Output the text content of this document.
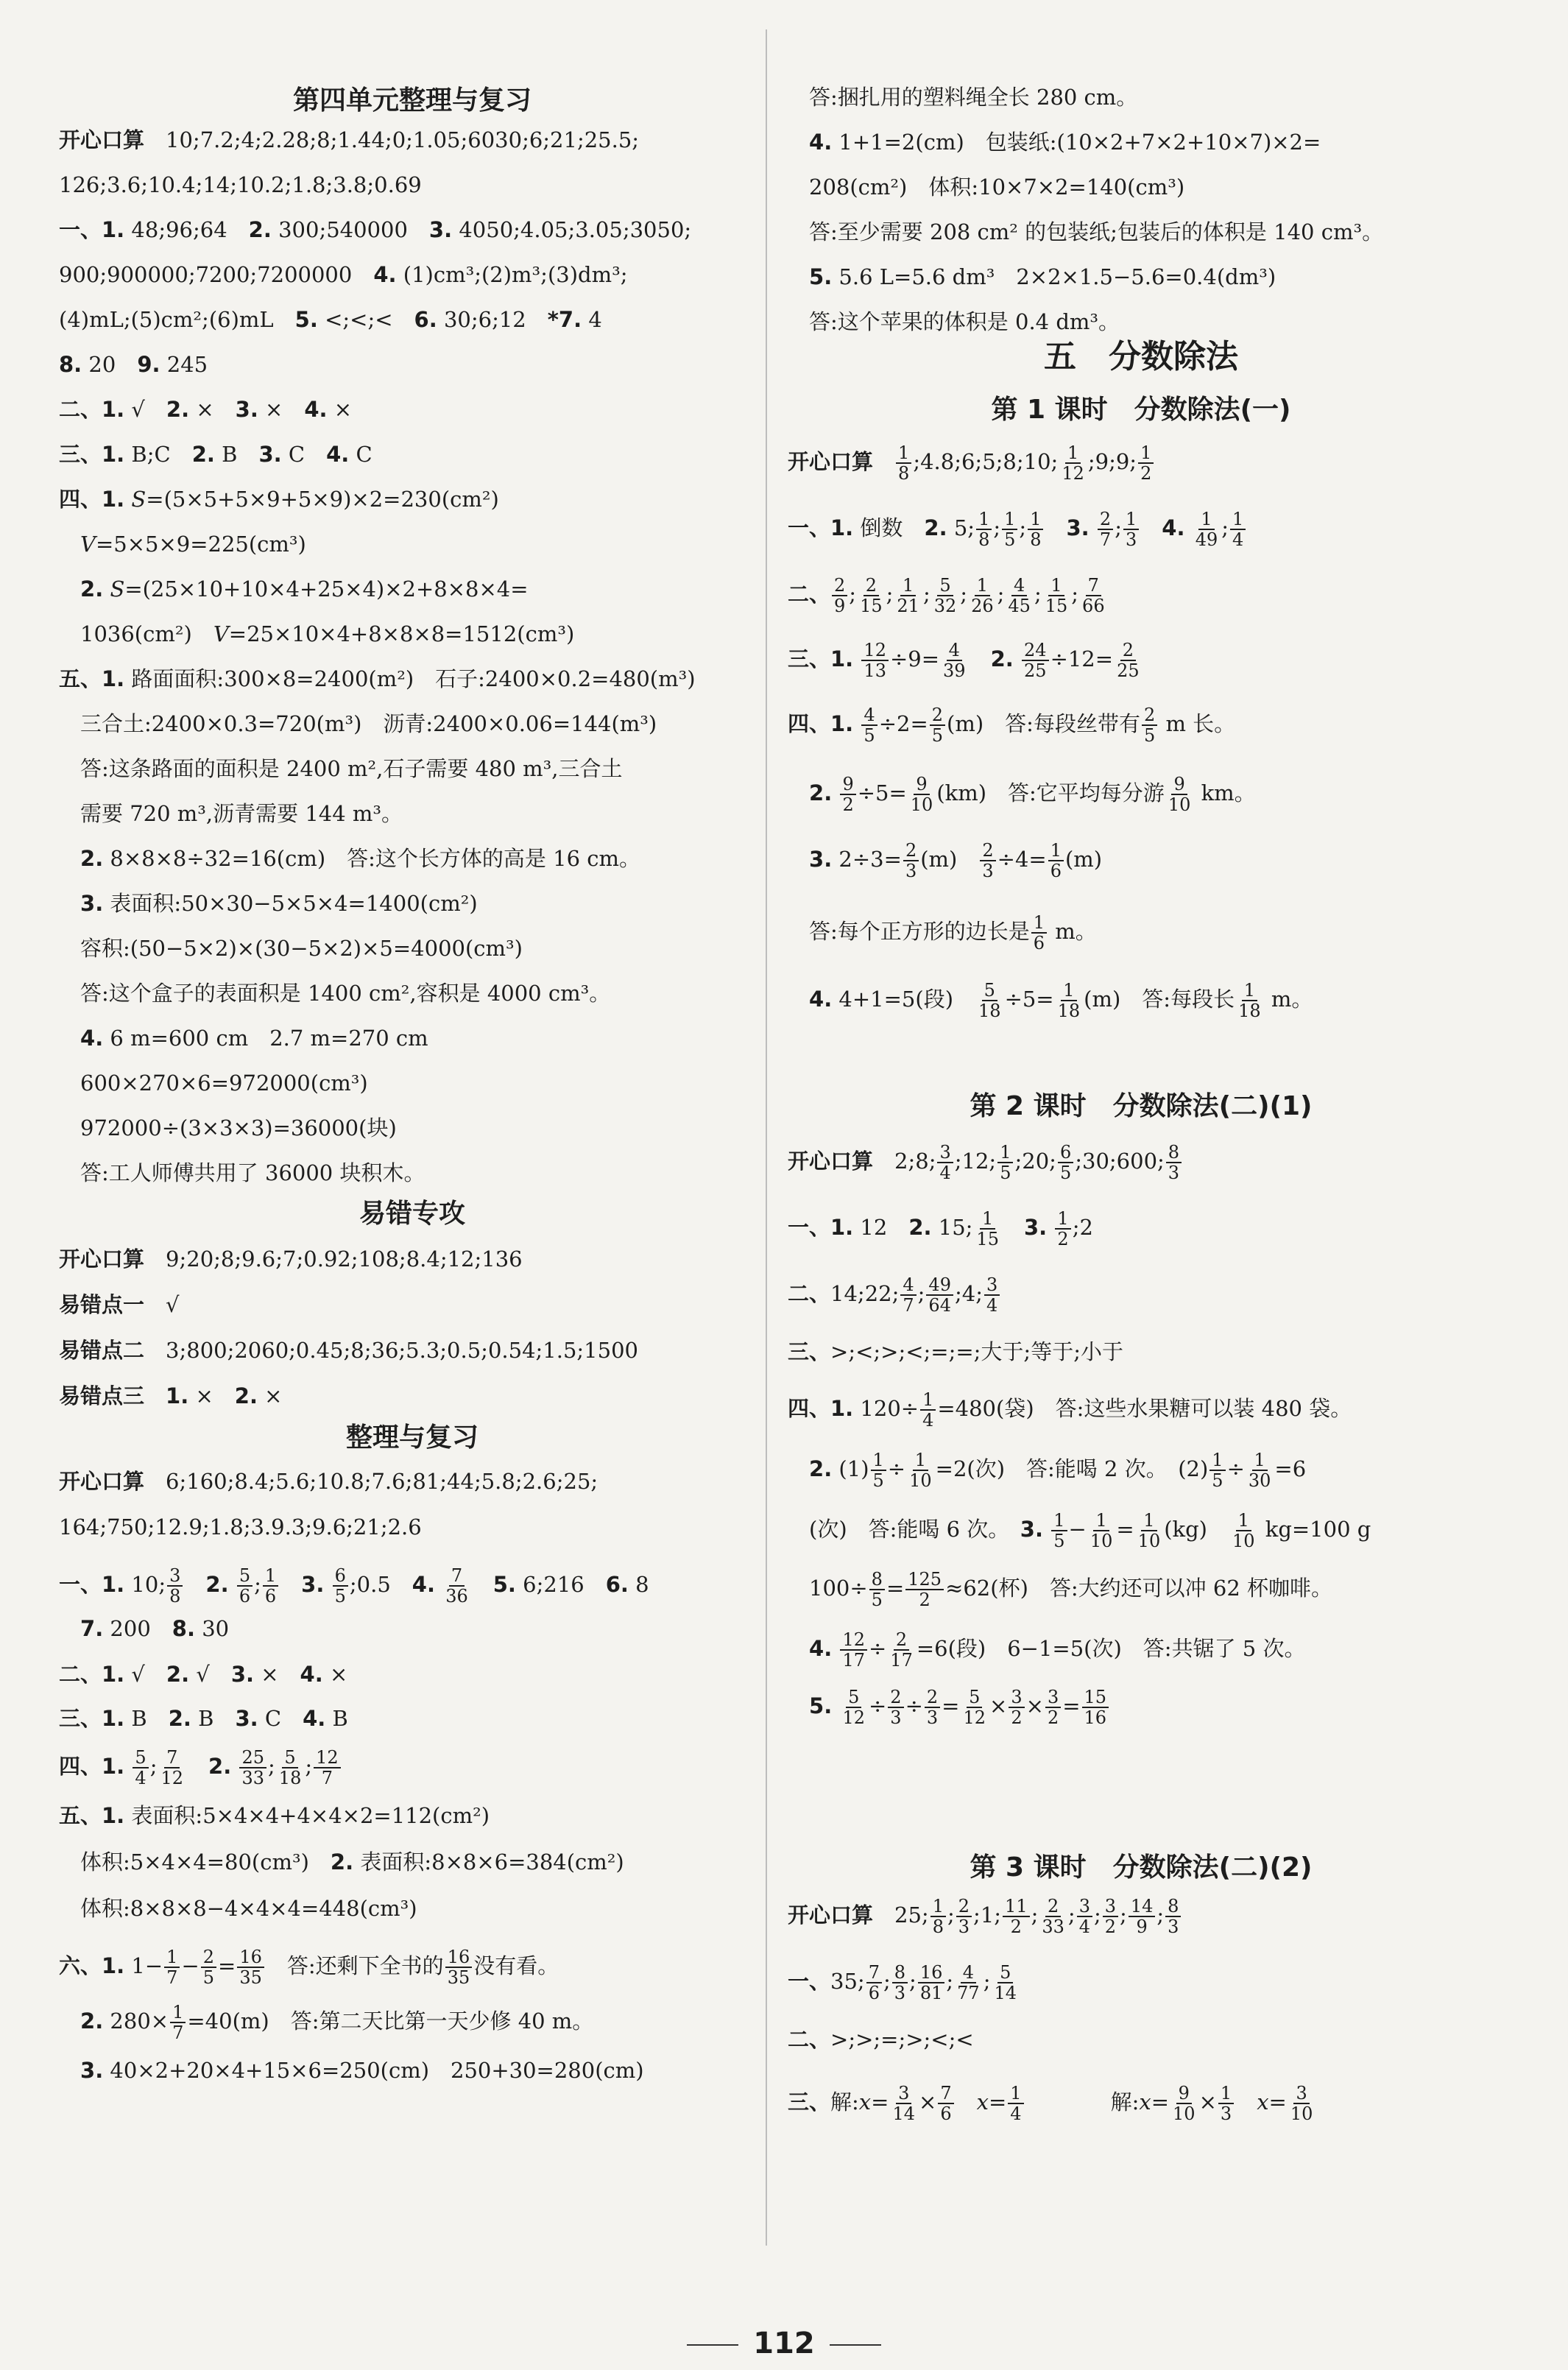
第四单元整理与复习
开心口算　10;7.2;4;2.28;8;1.44;0;1.05;6030;6;21;25.5;
126;3.6;10.4;14;10.2;1.8;3.8;0.69
一、1. 48;96;64　2. 300;540000　3. 4050;4.05;3.05;3050;
900;900000;7200;7200000　4. (1)cm³;(2)m³;(3)dm³;
(4)mL;(5)cm²;(6)mL　5. <;<;<　6. 30;6;12　*7. 4
8. 20　9. 245
二、1. √　2. ×　3. ×　4. ×
三、1. B;C　2. B　3. C　4. C
四、1. S=(5×5+5×9+5×9)×2=230(cm²)
　V=5×5×9=225(cm³)
　2. S=(25×10+10×4+25×4)×2+8×8×4=
　1036(cm²)　V=25×10×4+8×8×8=1512(cm³)
五、1. 路面面积:300×8=2400(m²)　石子:2400×0.2=480(m³)
　三合土:2400×0.3=720(m³)　沥青:2400×0.06=144(m³)
　答:这条路面的面积是 2400 m²,石子需要 480 m³,三合土
　需要 720 m³,沥青需要 144 m³。
　2. 8×8×8÷32=16(cm)　答:这个长方体的高是 16 cm。
　3. 表面积:50×30−5×5×4=1400(cm²)
　容积:(50−5×2)×(30−5×2)×5=4000(cm³)
　答:这个盒子的表面积是 1400 cm²,容积是 4000 cm³。
　4. 6 m=600 cm　2.7 m=270 cm
　600×270×6=972000(cm³)
　972000÷(3×3×3)=36000(块)
　答:工人师傅共用了 36000 块积木。
易错专攻
开心口算　9;20;8;9.6;7;0.92;108;8.4;12;136
易错点一　√
易错点二　3;800;2060;0.45;8;36;5.3;0.5;0.54;1.5;1500
易错点三　 1. ×　2. ×
整理与复习
开心口算　6;160;8.4;5.6;10.8;7.6;81;44;5.8;2.6;25;
164;750;12.9;1.8;3.9.3;9.6;21;2.6
一、1. 10; $\frac{3}{8}$
　 2. $\frac{5}{6}$ ; $\frac{1}{6}$
　 3. $\frac{6}{5}$ ;0.5　4. $\frac{7}{36}$
　 5. 6;216　6. 8
　7. 200　8. 30
二、1. √　2. √　3. ×　4. ×
三、1. B　2. B　3. C　4. B
四、1. $\frac{5}{4}$ ; $\frac{7}{12}$
　 2. $\frac{25}{33}$ ; $\frac{5}{18}$ ; $\frac{12}{7}$
五、1. 表面积:5×4×4+4×4×2=112(cm²)
　体积:5×4×4=80(cm³)　2. 表面积:8×8×6=384(cm²)
　体积:8×8×8−4×4×4=448(cm³)
六、1. $1- \frac{1}{7} - \frac{2}{5} = \frac{16}{35}$ 　答:还剩下全书的 $\frac{16}{35}$ 没有看。
　2. $280\times \frac{1}{7} =40(m)$　答:第二天比第一天少修 40 m。
　3. 40×2+20×4+15×6=250(cm)　250+30=280(cm)
　答:捆扎用的塑料绳全长 280 cm。
　4. 1+1=2(cm)　包装纸:(10×2+7×2+10×7)×2=
　208(cm²)　体积:10×7×2=140(cm³)
　答:至少需要 208 cm² 的包装纸;包装后的体积是 140 cm³。
　5. 5.6 L=5.6 dm³　2×2×1.5−5.6=0.4(dm³)
　答:这个苹果的体积是 0.4 dm³。
五　分数除法
第 1 课时　分数除法(一)
开心口算　 $\frac{1}{8}$ ;4.8;6;5;8;10; $\frac{1}{12}$ ;9;9; $\frac{1}{2}$
一、1. 倒数　2. 5; $\frac{1}{8}$ ; $\frac{1}{5}$ ; $\frac{1}{8}$
　 3. $\frac{2}{7}$ ; $\frac{1}{3}$
　 4. $\frac{1}{49}$ ; $\frac{1}{4}$
二、 $\frac{2}{9}$ ; $\frac{2}{15}$ ; $\frac{1}{21}$ ; $\frac{5}{32}$ ; $\frac{1}{26}$ ; $\frac{4}{45}$ ; $\frac{1}{15}$ ; $\frac{7}{66}$
三、1. $\frac{12}{13} \div 9= \frac{4}{39}$
　 2. $\frac{24}{25} \div 12= \frac{2}{25}$
四、1. $\frac{4}{5} \div 2= \frac{2}{5} (m)$　答:每段丝带有 $\frac{2}{5}$ m 长。
　2. $\frac{9}{2} \div 5= \frac{9}{10} (km)$　答:它平均每分游 $\frac{9}{10}$ km。
　3. $2\div 3= \frac{2}{3} (m)$　 $\frac{2}{3} \div 4= \frac{1}{6} (m)$
　答:每个正方形的边长是 $\frac{1}{6}$ m。
　4. 4+1=5(段)　 $\frac{5}{18} \div 5= \frac{1}{18} (m)$　答:每段长 $\frac{1}{18}$ m。
第 2 课时　分数除法(二)(1)
开心口算　2;8; $\frac{3}{4}$ ;12; $\frac{1}{5}$ ;20; $\frac{6}{5}$ ;30;600; $\frac{8}{3}$
一、1. 12　2. 15; $\frac{1}{15}$
　 3. $\frac{1}{2}$ ;2
二、14;22; $\frac{4}{7}$ ; $\frac{49}{64}$ ;4; $\frac{3}{4}$
三、>;<;>;<;=;=;大于;等于;小于
四、1. $120\div \frac{1}{4} =480$(袋)　答:这些水果糖可以装 480 袋。
　2. $(1) \frac{1}{5} \div \frac{1}{10} =2$(次)　答:能喝 2 次。　$(2) \frac{1}{5} \div \frac{1}{30} =6$
　(次)　答:能喝 6 次。　3. $\frac{1}{5} - \frac{1}{10} = \frac{1}{10} (kg)$　 $\frac{1}{10} kg=100$ g
　$100\div \frac{8}{5} = \frac{125}{2} \approx 62$(杯)　答:大约还可以冲 62 杯咖啡。
　4. $\frac{12}{17} \div \frac{2}{17} =6$(段)　6−1=5(次)　答:共锯了 5 次。
　5. $\frac{5}{12} \div \frac{2}{3} \div \frac{2}{3} = \frac{5}{12} \times \frac{3}{2} \times \frac{3}{2} = \frac{15}{16}$
第 3 课时　分数除法(二)(2)
开心口算　25; $\frac{1}{8}$ ; $\frac{2}{3}$ ;1; $\frac{11}{2}$ ; $\frac{2}{33}$ ; $\frac{3}{4}$ ; $\frac{3}{2}$ ; $\frac{14}{9}$ ; $\frac{8}{3}$
一、35; $\frac{7}{6}$ ; $\frac{8}{3}$ ; $\frac{16}{81}$ ; $\frac{4}{77}$ ; $\frac{5}{14}$
二、>;>;=;>;<;<
三、解:x= $\frac{3}{14} \times \frac{7}{6}$
　 $x= \frac{1}{4}$ 　　　　解:x= $\frac{9}{10} \times \frac{1}{3}$
　 $x= \frac{3}{10}$
112
